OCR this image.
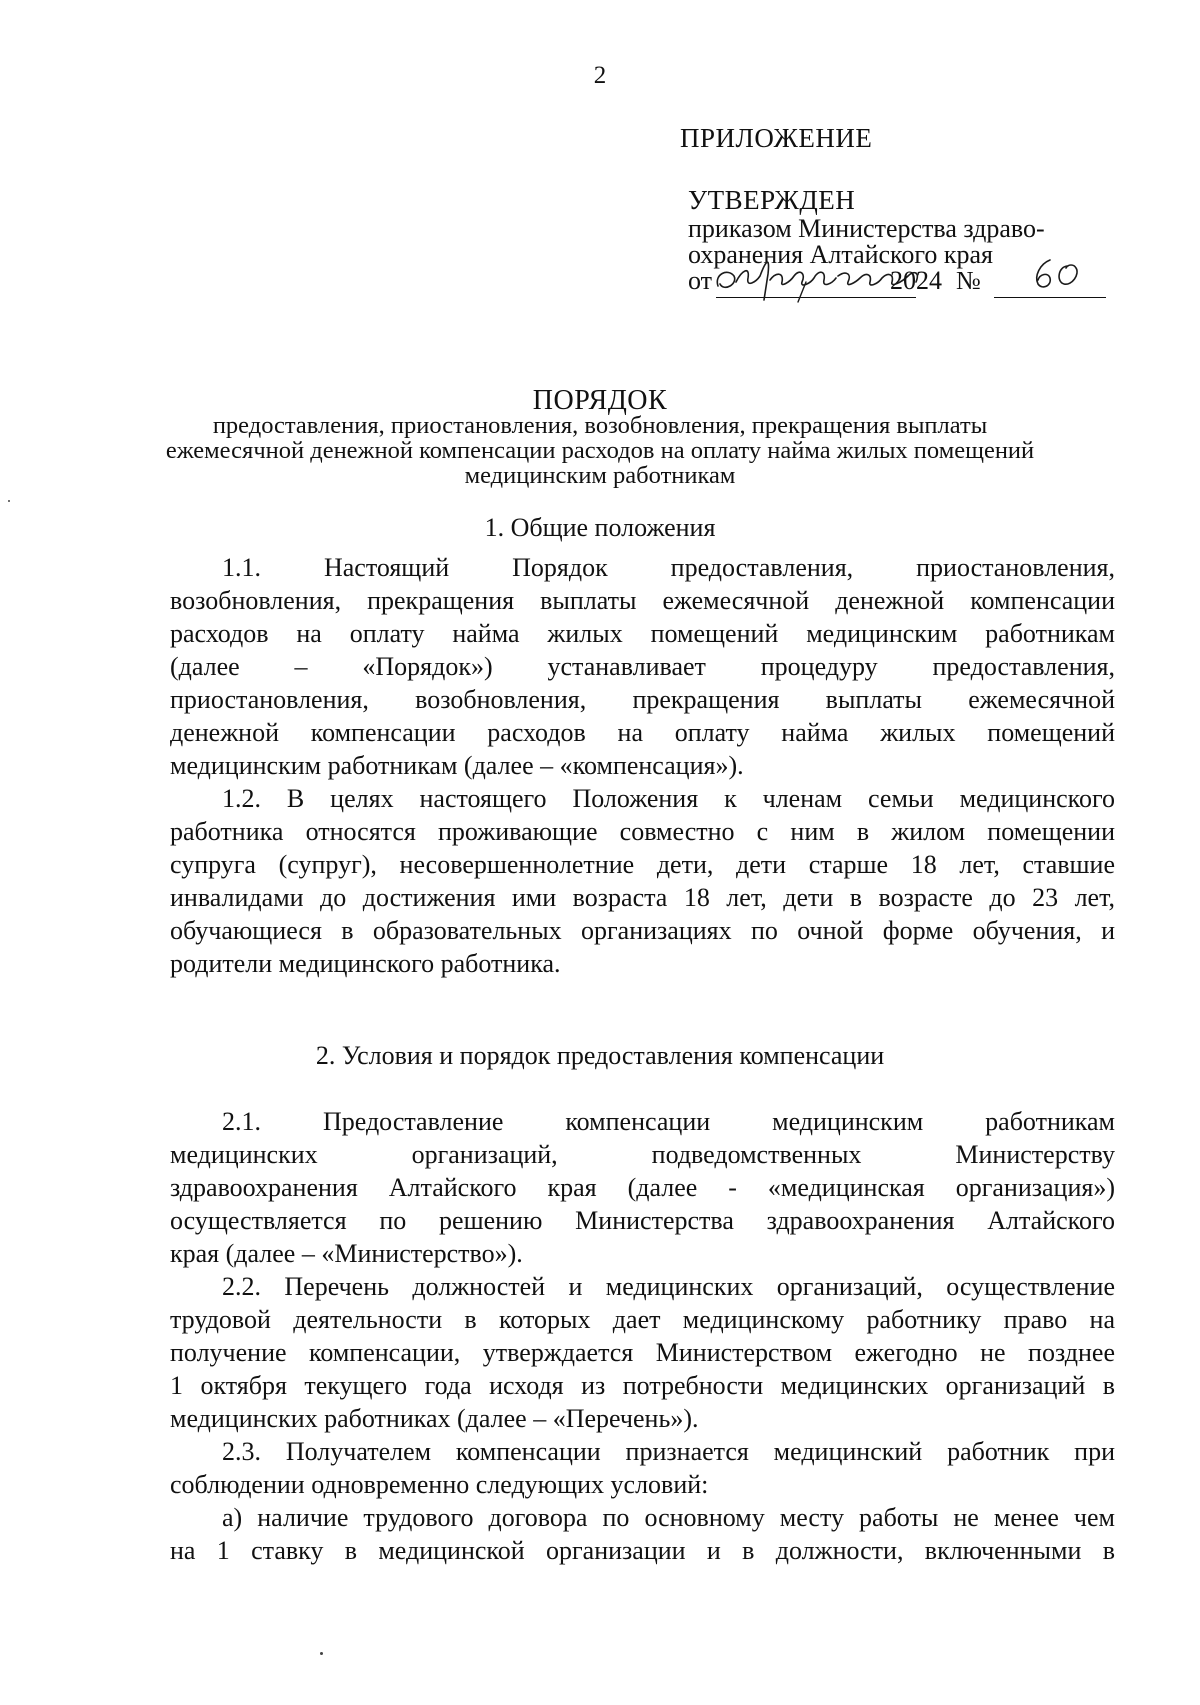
2

ПРИЛОЖЕНИЕ

УТВЕРЖДЕН

приказом Министерства здраво-

охранения Алтайского края

от	2024 №

ПОРЯДОК

предоставления, приостановления, возобновления, прекращения выплаты ежемесячной денежной компенсации расходов на оплату найма жилых помещений медицинским работникам

1. Общие положения

1.1. Настоящий Порядок предоставления, приостановления,

возобновления, прекращения выплаты ежемесячной денежной компенсации

расходов на оплату найма жилых помещений медицинским работникам

(далее – «Порядок») устанавливает процедуру предоставления,

приостановления, возобновления, прекращения выплаты ежемесячной

денежной компенсации расходов на оплату найма жилых помещений

медицинским работникам (далее – «компенсация»).

1.2. В целях настоящего Положения к членам семьи медицинского

работника относятся проживающие совместно с ним в жилом помещении

супруга (супруг), несовершеннолетние дети, дети старше 18 лет, ставшие

инвалидами до достижения ими возраста 18 лет, дети в возрасте до 23 лет,

обучающиеся в образовательных организациях по очной форме обучения, и

родители медицинского работника.

2. Условия и порядок предоставления компенсации

2.1. Предоставление компенсации медицинским работникам

медицинских организаций, подведомственных Министерству

здравоохранения Алтайского края (далее - «медицинская организация»)

осуществляется по решению Министерства здравоохранения Алтайского

края (далее – «Министерство»).

2.2. Перечень должностей и медицинских организаций, осуществление

трудовой деятельности в которых дает медицинскому работнику право на

получение компенсации, утверждается Министерством ежегодно не позднее

1 октября текущего года исходя из потребности медицинских организаций в

медицинских работниках (далее – «Перечень»).

2.3. Получателем компенсации признается медицинский работник при

соблюдении одновременно следующих условий:

а) наличие трудового договора по основному месту работы не менее чем

на 1 ставку в медицинской организации и в должности, включенными в
